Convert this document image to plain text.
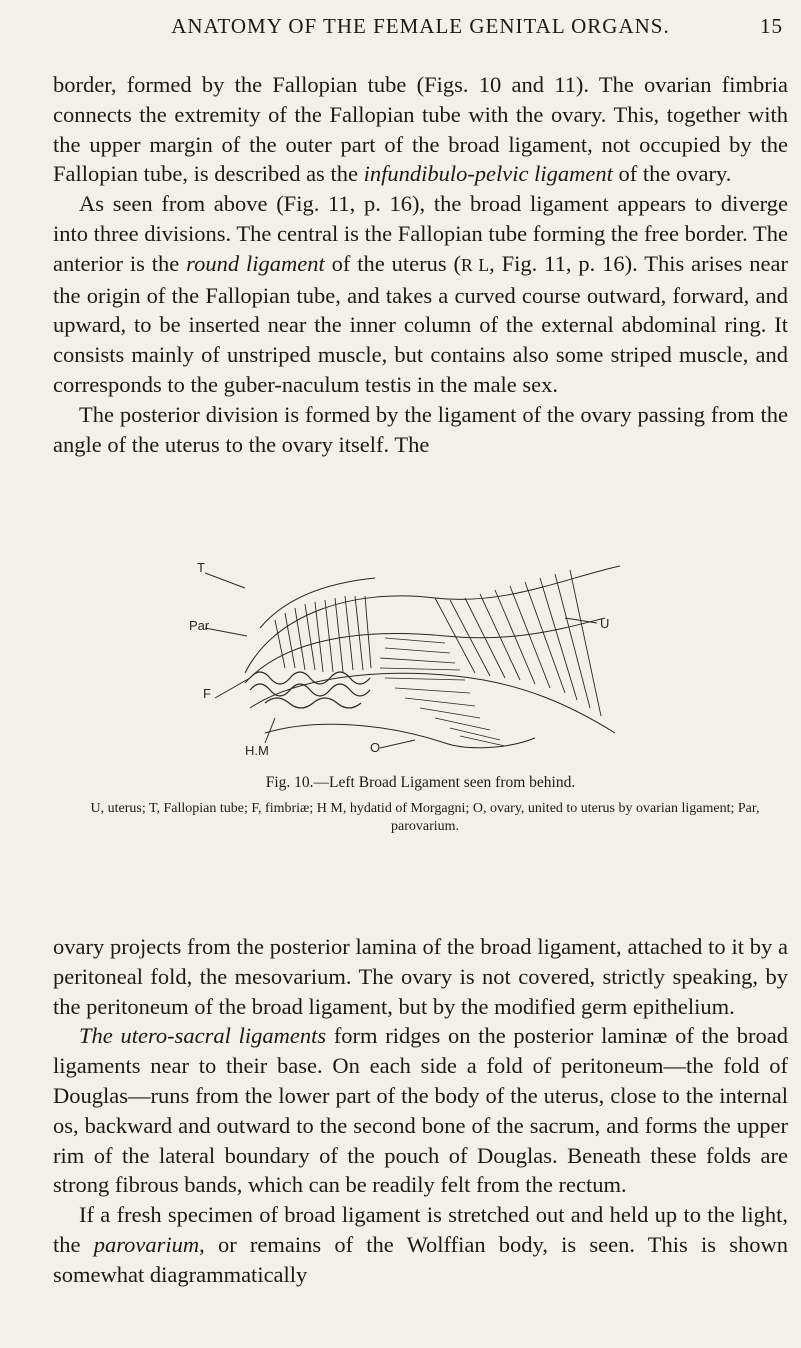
ANATOMY OF THE FEMALE GENITAL ORGANS.	15

border, formed by the Fallopian tube (Figs. 10 and 11). The ovarian fimbria connects the extremity of the Fallopian tube with the ovary. This, together with the upper margin of the outer part of the broad ligament, not occupied by the Fallopian tube, is described as the infundibulo-pelvic ligament of the ovary.

As seen from above (Fig. 11, p. 16), the broad ligament appears to diverge into three divisions. The central is the Fallopian tube forming the free border. The anterior is the round ligament of the uterus (R L, Fig. 11, p. 16). This arises near the origin of the Fallopian tube, and takes a curved course outward, forward, and upward, to be inserted near the inner column of the external abdominal ring. It consists mainly of unstriped muscle, but contains also some striped muscle, and corresponds to the guber-naculum testis in the male sex.

The posterior division is formed by the ligament of the ovary passing from the angle of the uterus to the ovary itself. The

T
Par	U
F
H.M	O
Fig. 10.—Left Broad Ligament seen from behind.
U, uterus; T, Fallopian tube; F, fimbriæ; H M, hydatid of Morgagni; O, ovary, united to uterus by ovarian ligament; Par, parovarium.

ovary projects from the posterior lamina of the broad ligament, attached to it by a peritoneal fold, the mesovarium. The ovary is not covered, strictly speaking, by the peritoneum of the broad ligament, but by the modified germ epithelium.

The utero-sacral ligaments form ridges on the posterior laminæ of the broad ligaments near to their base. On each side a fold of peritoneum—the fold of Douglas—runs from the lower part of the body of the uterus, close to the internal os, backward and outward to the second bone of the sacrum, and forms the upper rim of the lateral boundary of the pouch of Douglas. Beneath these folds are strong fibrous bands, which can be readily felt from the rectum.

If a fresh specimen of broad ligament is stretched out and held up to the light, the parovarium, or remains of the Wolffian body, is seen. This is shown somewhat diagrammatically
